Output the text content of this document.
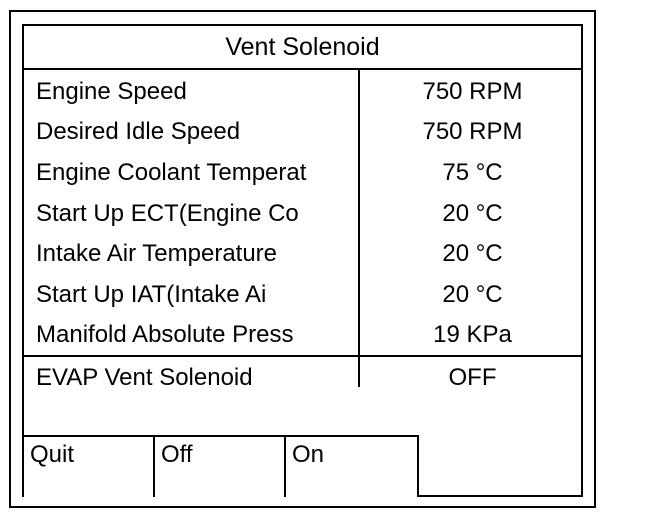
Vent Solenoid
Engine Speed	750 RPM
Desired Idle Speed	750 RPM
Engine Coolant Temperat	75 °C
Start Up ECT(Engine Co	20 °C
Intake Air Temperature	20 °C
Start Up IAT(Intake Ai	20 °C
Manifold Absolute Press	19 KPa
EVAP Vent Solenoid	OFF
Quit	Off	On
